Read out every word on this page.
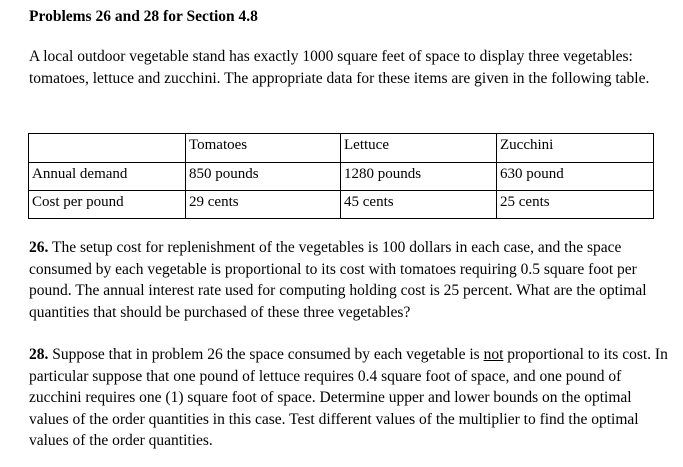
Problems 26 and 28 for Section 4.8

A local outdoor vegetable stand has exactly 1000 square feet of space to display three vegetables: tomatoes, lettuce and zucchini. The appropriate data for these items are given in the following table.

	Tomatoes	Lettuce	Zucchini
Annual demand	850 pounds	1280 pounds	630 pound
Cost per pound	29 cents	45 cents	25 cents

26. The setup cost for replenishment of the vegetables is 100 dollars in each case, and the space consumed by each vegetable is proportional to its cost with tomatoes requiring 0.5 square foot per pound. The annual interest rate used for computing holding cost is 25 percent. What are the optimal quantities that should be purchased of these three vegetables?

28. Suppose that in problem 26 the space consumed by each vegetable is not proportional to its cost. In particular suppose that one pound of lettuce requires 0.4 square foot of space, and one pound of zucchini requires one (1) square foot of space. Determine upper and lower bounds on the optimal values of the order quantities in this case. Test different values of the multiplier to find the optimal values of the order quantities.
